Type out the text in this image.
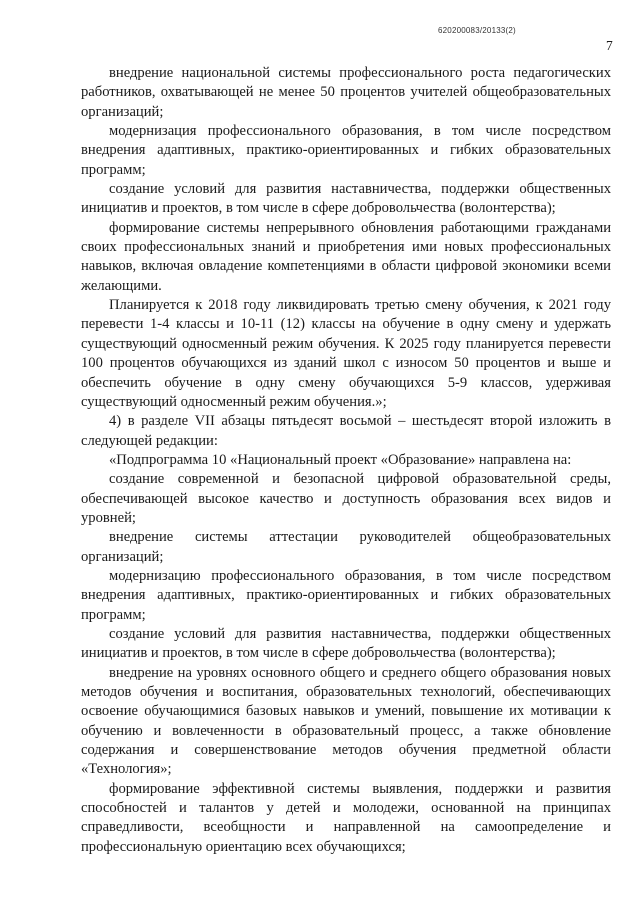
620200083/20133(2)
7

внедрение национальной системы профессионального роста педагогических работников, охватывающей не менее 50 процентов учителей общеобразовательных организаций;

модернизация профессионального образования, в том числе посредством внедрения адаптивных, практико-ориентированных и гибких образовательных программ;

создание условий для развития наставничества, поддержки общественных инициатив и проектов, в том числе в сфере добровольчества (волонтерства);

формирование системы непрерывного обновления работающими гражданами своих профессиональных знаний и приобретения ими новых профессиональных навыков, включая овладение компетенциями в области цифровой экономики всеми желающими.

Планируется к 2018 году ликвидировать третью смену обучения, к 2021 году перевести 1-4 классы и 10-11 (12) классы на обучение в одну смену и удержать существующий односменный режим обучения. К 2025 году планируется перевести 100 процентов обучающихся из зданий школ с износом 50 процентов и выше и обеспечить обучение в одну смену обучающихся 5-9 классов, удерживая существующий односменный режим обучения.»;

4) в разделе VII абзацы пятьдесят восьмой – шестьдесят второй изложить в следующей редакции:

«Подпрограмма 10 «Национальный проект «Образование» направлена на:

создание современной и безопасной цифровой образовательной среды, обеспечивающей высокое качество и доступность образования всех видов и уровней;

внедрение системы аттестации руководителей общеобразовательных организаций;

модернизацию профессионального образования, в том числе посредством внедрения адаптивных, практико-ориентированных и гибких образовательных программ;

создание условий для развития наставничества, поддержки общественных инициатив и проектов, в том числе в сфере добровольчества (волонтерства);

внедрение на уровнях основного общего и среднего общего образования новых методов обучения и воспитания, образовательных технологий, обеспечивающих освоение обучающимися базовых навыков и умений, повышение их мотивации к обучению и вовлеченности в образовательный процесс, а также обновление содержания и совершенствование методов обучения предметной области «Технология»;

формирование эффективной системы выявления, поддержки и развития способностей и талантов у детей и молодежи, основанной на принципах справедливости, всеобщности и направленной на самоопределение и профессиональную ориентацию всех обучающихся;
